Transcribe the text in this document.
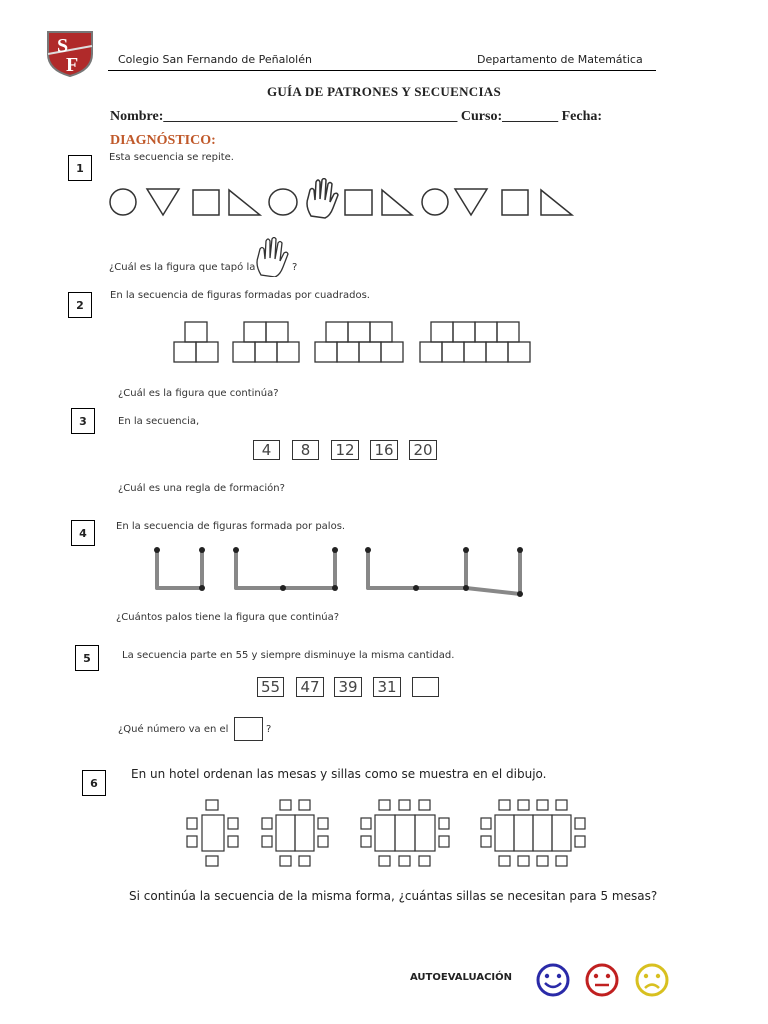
S
F	Colegio San Fernando de Peñalolén	Departamento de Matemática
GUÍA DE PATRONES Y SECUENCIAS
Nombre:__________________________________________ Curso:________ Fecha:
DIAGNÓSTICO:
1
Esta secuencia se repite.
¿Cuál es la figura que tapó la	?
2
En la secuencia de figuras formadas por cuadrados.
¿Cuál es la figura que continúa?
3	En la secuencia,
4	8	12 16 20
¿Cuál es una regla de formación?
4	En la secuencia de figuras formada por palos.
¿Cuántos palos tiene la figura que continúa?
5	La secuencia parte en 55 y siempre disminuye la misma cantidad.
55 47 39 31
¿Qué número va en el	?
6
En un hotel ordenan las mesas y sillas como se muestra en el dibujo.
Si continúa la secuencia de la misma forma, ¿cuántas sillas se necesitan para 5 mesas?
AUTOEVALUACIÓN
